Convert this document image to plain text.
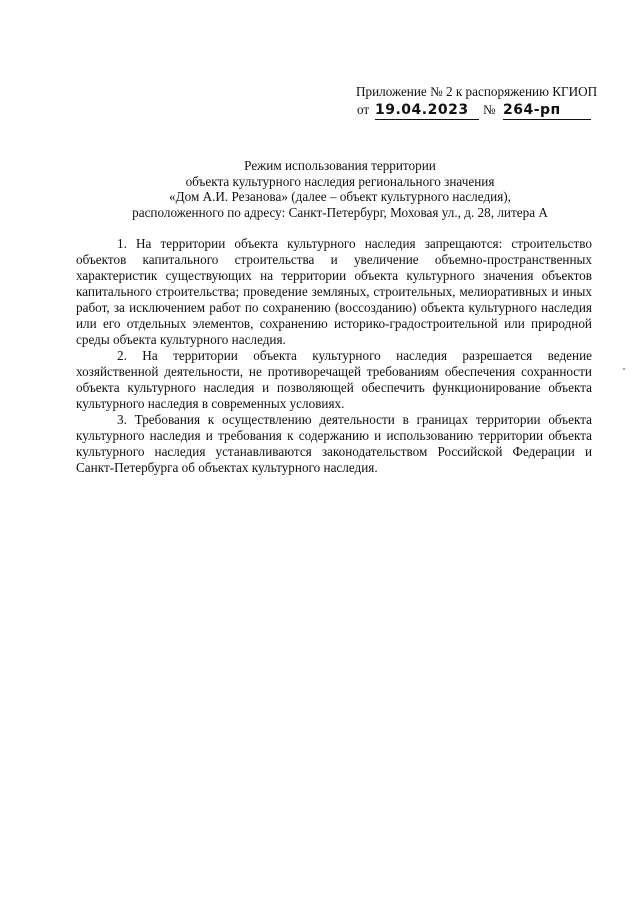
Приложение № 2 к распоряжению КГИОП
от 19.04.2023	№ 264-рп
Режим использования территории
объекта культурного наследия регионального значения
«Дом А.И. Резанова» (далее – объект культурного наследия),
расположенного по адресу: Санкт-Петербург, Моховая ул., д. 28, литера А

1. На территории объекта культурного наследия запрещаются: строительство объектов капитального строительства и увеличение объемно-пространственных характеристик существующих на территории объекта культурного значения объектов капитального строительства; проведение земляных, строительных, мелиоративных и иных работ, за исключением работ по сохранению (воссозданию) объекта культурного наследия или его отдельных элементов, сохранению историко-градостроительной или природной среды объекта культурного наследия.

2. На территории объекта культурного наследия разрешается ведение хозяйственной деятельности, не противоречащей требованиям обеспечения сохранности объекта культурного наследия и позволяющей обеспечить функционирование объекта культурного наследия в современных условиях.

3. Требования к осуществлению деятельности в границах территории объекта культурного наследия и требования к содержанию и использованию территории объекта культурного наследия устанавливаются законодательством Российской Федерации и Санкт-Петербурга об объектах культурного наследия.
